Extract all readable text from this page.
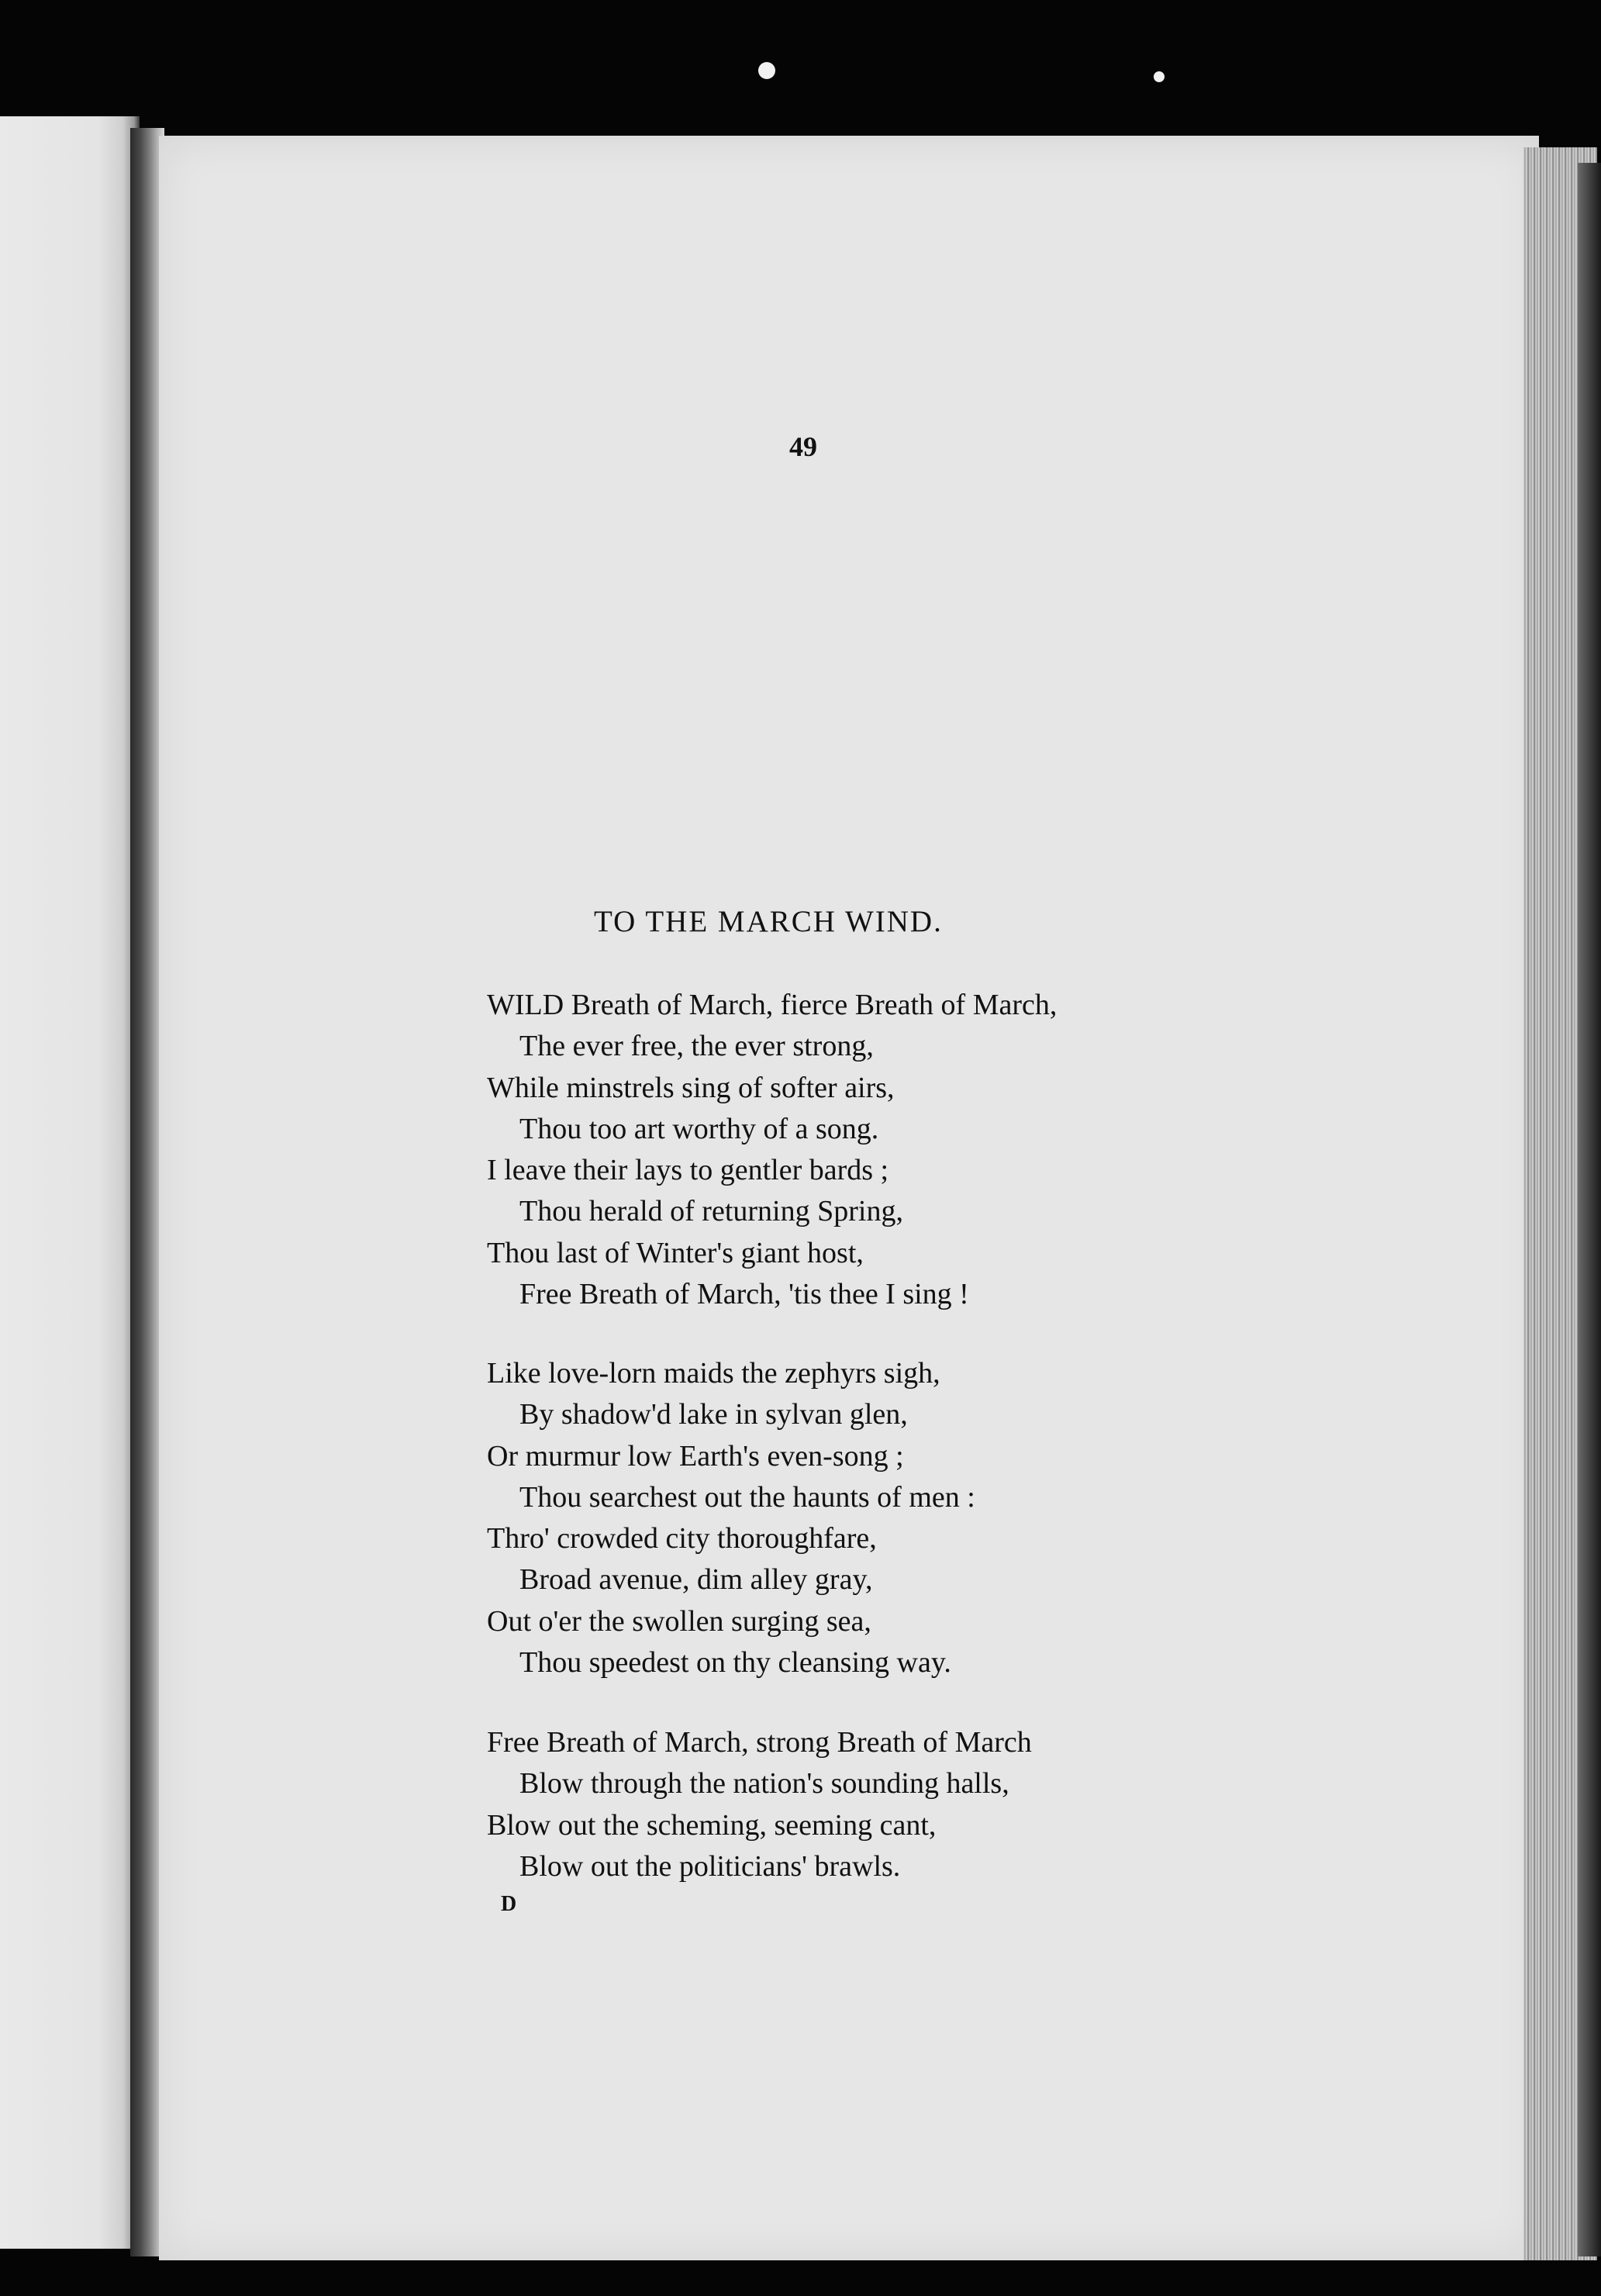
49
TO THE MARCH WIND.
WILD Breath of March, fierce Breath of March,
The ever free, the ever strong,
While minstrels sing of softer airs,
Thou too art worthy of a song.
I leave their lays to gentler bards ;
Thou herald of returning Spring,
Thou last of Winter's giant host,
Free Breath of March, 'tis thee I sing !
Like love-lorn maids the zephyrs sigh,
By shadow'd lake in sylvan glen,
Or murmur low Earth's even-song ;
Thou searchest out the haunts of men :
Thro' crowded city thoroughfare,
Broad avenue, dim alley gray,
Out o'er the swollen surging sea,
Thou speedest on thy cleansing way.
Free Breath of March, strong Breath of March
Blow through the nation's sounding halls,
Blow out the scheming, seeming cant,
Blow out the politicians' brawls.
D
